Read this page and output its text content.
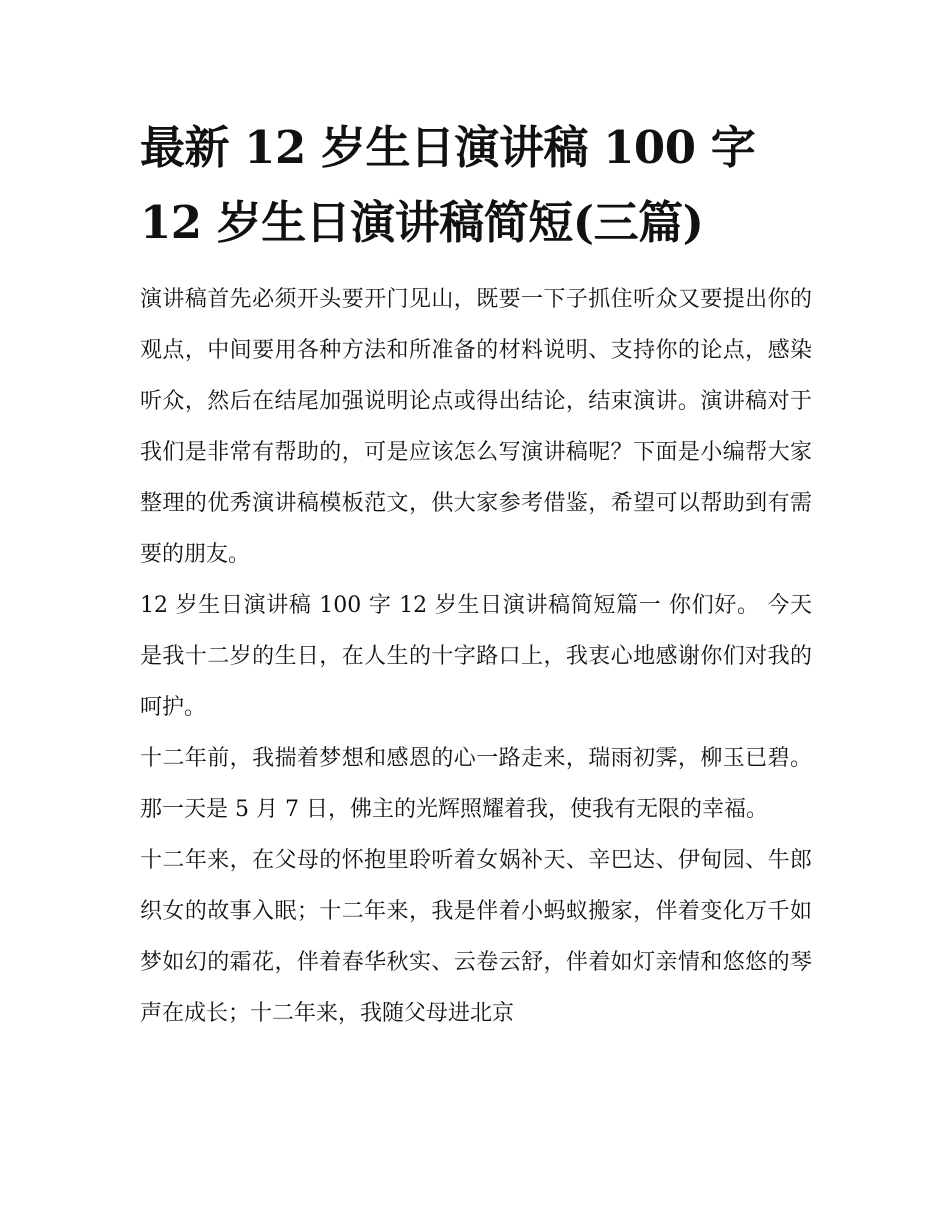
最新 12 岁生日演讲稿 100 字
12 岁生日演讲稿简短(三篇)

演讲稿首先必须开头要开门见山，既要一下子抓住听众又要提出你的观点，中间要用各种方法和所准备的材料说明、支持你的论点，感染听众，然后在结尾加强说明论点或得出结论，结束演讲。演讲稿对于我们是非常有帮助的，可是应该怎么写演讲稿呢？下面是小编帮大家整理的优秀演讲稿模板范文，供大家参考借鉴，希望可以帮助到有需要的朋友。

12 岁生日演讲稿 100 字 12 岁生日演讲稿简短篇一 你们好。 今天是我十二岁的生日，在人生的十字路口上，我衷心地感谢你们对我的呵护。

十二年前，我揣着梦想和感恩的心一路走来，瑞雨初霁，柳玉已碧。那一天是 5 月 7 日，佛主的光辉照耀着我，使我有无限的幸福。

十二年来，在父母的怀抱里聆听着女娲补天、辛巴达、伊甸园、牛郎织女的故事入眠；十二年来，我是伴着小蚂蚁搬家，伴着变化万千如梦如幻的霜花，伴着春华秋实、云卷云舒，伴着如灯亲情和悠悠的琴声在成长；十二年来，我随父母进北京
